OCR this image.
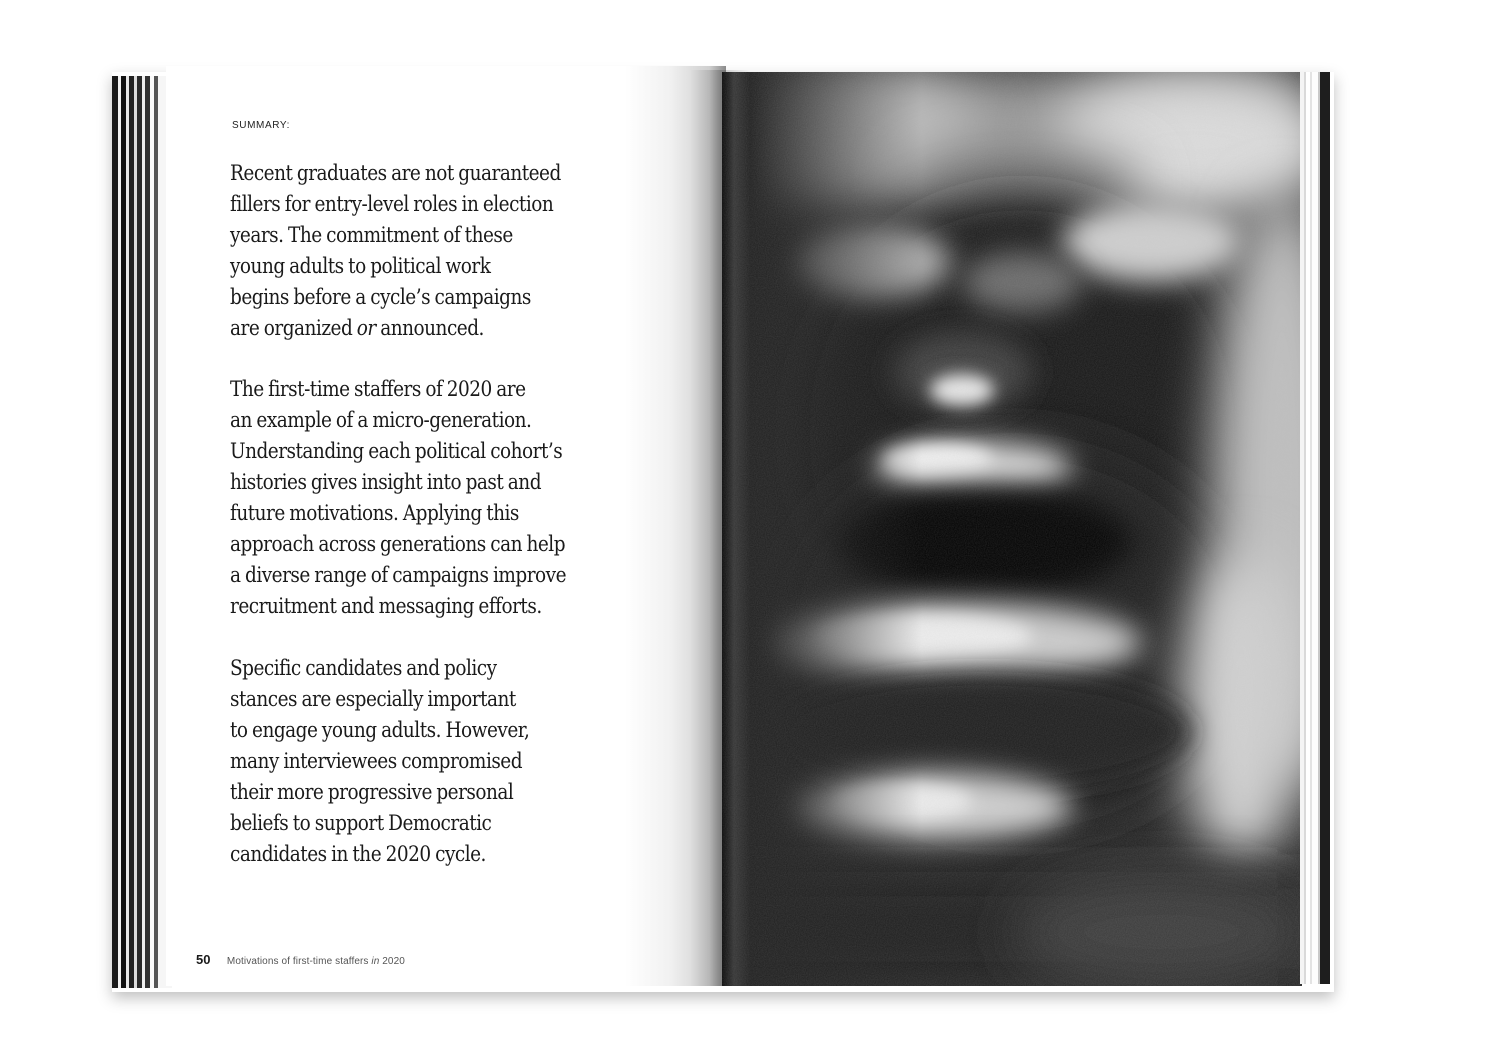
SUMMARY:
Recent graduates are not guaranteed
fillers for entry-level roles in election
years. The commitment of these
young adults to political work
begins before a cycle’s campaigns
are organized or announced.
The first-time staffers of 2020 are
an example of a micro-generation.
Understanding each political cohort’s
histories gives insight into past and
future motivations. Applying this
approach across generations can help
a diverse range of campaigns improve
recruitment and messaging efforts.
Specific candidates and policy
stances are especially important
to engage young adults. However,
many interviewees compromised
their more progressive personal
beliefs to support Democratic
candidates in the 2020 cycle.
50 Motivations of first-time staffers in 2020
